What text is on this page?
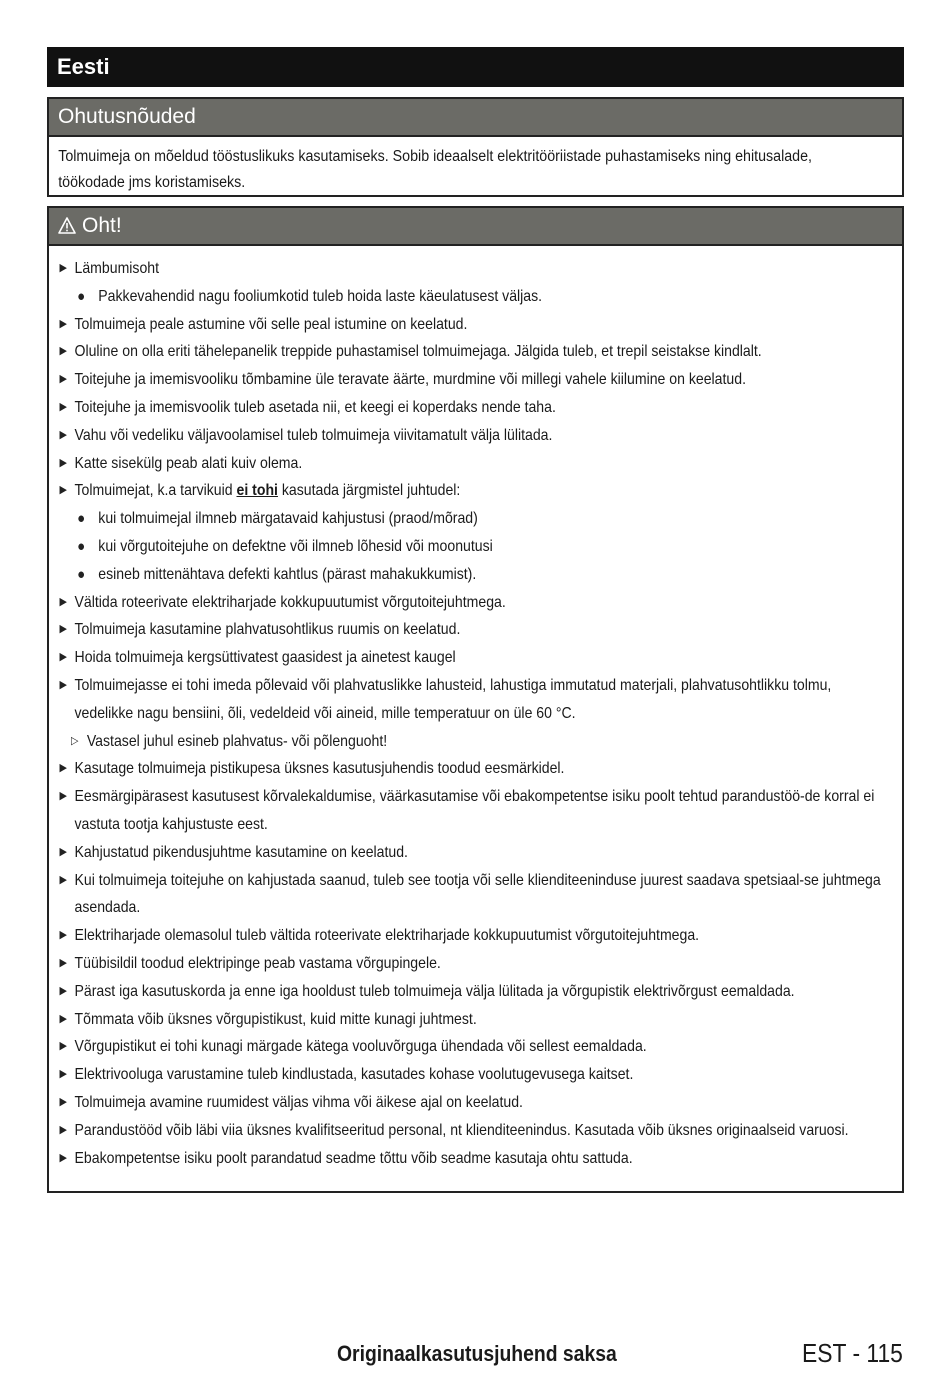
Eesti
Ohutusnõuded
Tolmuimeja on mõeldud tööstuslikuks kasutamiseks. Sobib ideaalselt elektritööriistade puhastamiseks ning ehitusalade,
töökodade jms koristamiseks.
Oht!
▶ Lämbumisoht
● Pakkevahendid nagu fooliumkotid tuleb hoida laste käeulatusest väljas.
▶ Tolmuimeja peale astumine või selle peal istumine on keelatud.
▶ Oluline on olla eriti tähelepanelik treppide puhastamisel tolmuimejaga. Jälgida tuleb, et trepil seistakse kindlalt.
▶ Toitejuhe ja imemisvooliku tõmbamine üle teravate äärte, murdmine või millegi vahele kiilumine on keelatud.
▶ Toitejuhe ja imemisvoolik tuleb asetada nii, et keegi ei koperdaks nende taha.
▶ Vahu või vedeliku väljavoolamisel tuleb tolmuimeja viivitamatult välja lülitada.
▶ Katte sisekülg peab alati kuiv olema.
▶ Tolmuimejat, k.a tarvikuid ei tohi kasutada järgmistel juhtudel:
● kui tolmuimejal ilmneb märgatavaid kahjustusi (praod/mõrad)
● kui võrgutoitejuhe on defektne või ilmneb lõhesid või moonutusi
● esineb mittenähtava defekti kahtlus (pärast mahakukkumist).
▶ Vältida roteerivate elektriharjade kokkupuutumist võrgutoitejuhtmega.
▶ Tolmuimeja kasutamine plahvatusohtlikus ruumis on keelatud.
▶ Hoida tolmuimeja kergsüttivatest gaasidest ja ainetest kaugel
▶ Tolmuimejasse ei tohi imeda põlevaid või plahvatuslikke lahusteid, lahustiga immutatud materjali, plahvatusohtlikku tolmu, vedelikke nagu bensiini, õli, vedeldeid või aineid, mille temperatuur on üle 60 °C.
▷ Vastasel juhul esineb plahvatus- või põlenguoht!
▶ Kasutage tolmuimeja pistikupesa üksnes kasutusjuhendis toodud eesmärkidel.
▶ Eesmärgipärasest kasutusest kõrvalekaldumise, väärkasutamise või ebakompetentse isiku poolt tehtud parandustöö-de korral ei vastuta tootja kahjustuste eest.
▶ Kahjustatud pikendusjuhtme kasutamine on keelatud.
▶ Kui tolmuimeja toitejuhe on kahjustada saanud, tuleb see tootja või selle klienditeeninduse juurest saadava spetsiaal-se juhtmega asendada.
▶ Elektriharjade olemasolul tuleb vältida roteerivate elektriharjade kokkupuutumist võrgutoitejuhtmega.
▶ Tüübisildil toodud elektripinge peab vastama võrgupingele.
▶ Pärast iga kasutuskorda ja enne iga hooldust tuleb tolmuimeja välja lülitada ja võrgupistik elektrivõrgust eemaldada.
▶ Tõmmata võib üksnes võrgupistikust, kuid mitte kunagi juhtmest.
▶ Võrgupistikut ei tohi kunagi märgade kätega vooluvõrguga ühendada või sellest eemaldada.
▶ Elektrivooluga varustamine tuleb kindlustada, kasutades kohase voolutugevusega kaitset.
▶ Tolmuimeja avamine ruumidest väljas vihma või äikese ajal on keelatud.
▶ Parandustööd võib läbi viia üksnes kvalifitseeritud personal, nt klienditeenindus. Kasutada võib üksnes originaalseid varuosi.
▶ Ebakompetentse isiku poolt parandatud seadme tõttu võib seadme kasutaja ohtu sattuda.
Originaalkasutusjuhend saksa	EST - 115
